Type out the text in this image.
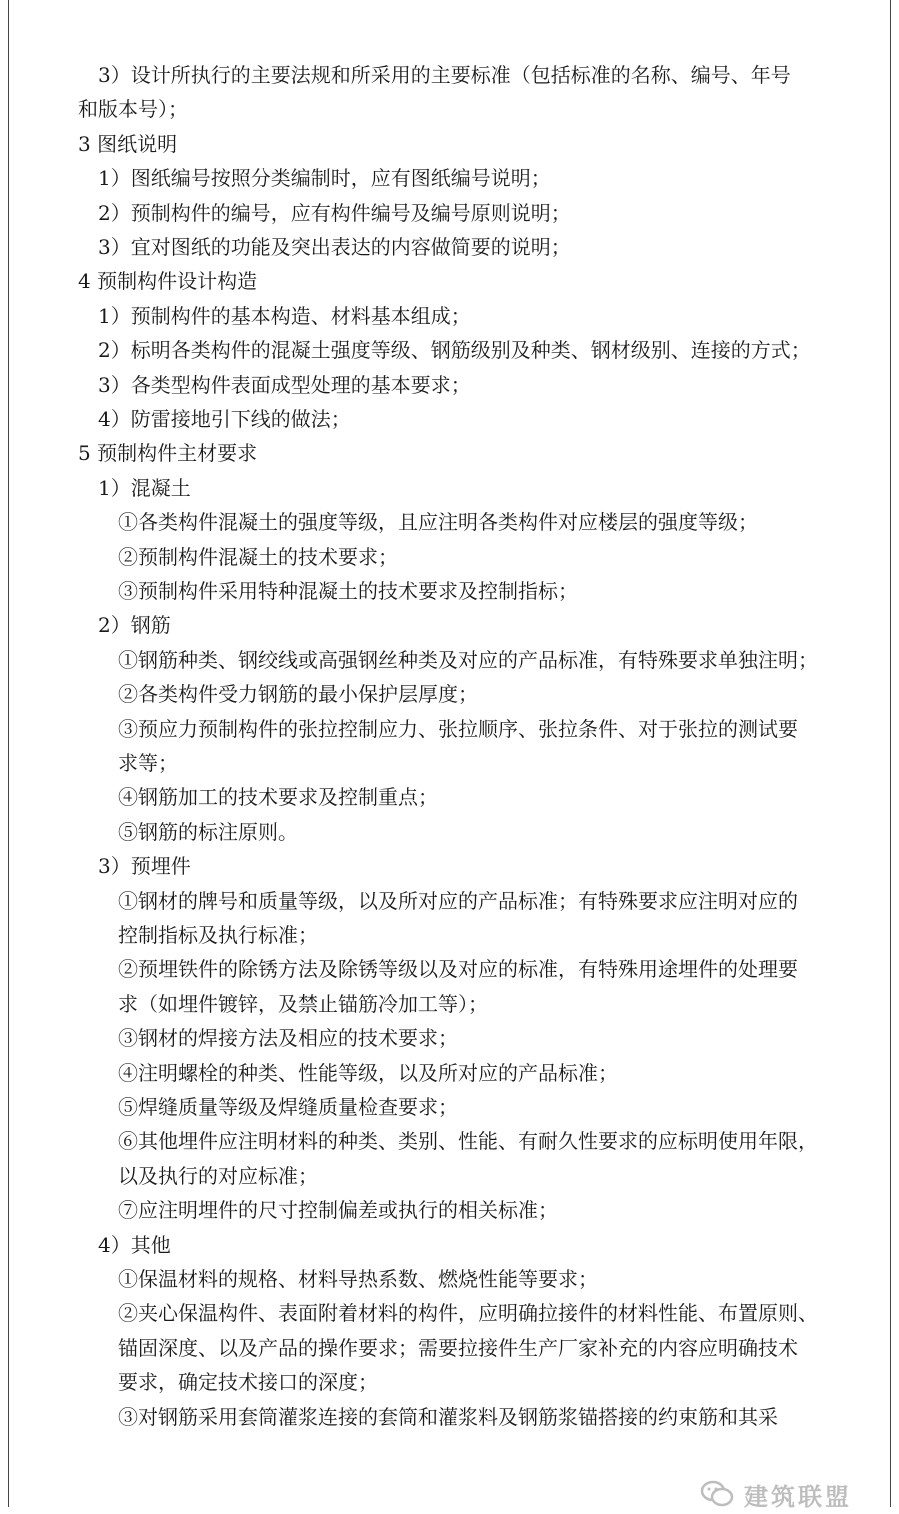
3）设计所执行的主要法规和所采用的主要标准（包括标准的名称、编号、年号
和版本号）；
3 图纸说明
1）图纸编号按照分类编制时，应有图纸编号说明；
2）预制构件的编号，应有构件编号及编号原则说明；
3）宜对图纸的功能及突出表达的内容做简要的说明；
4 预制构件设计构造
1）预制构件的基本构造、材料基本组成；
2）标明各类构件的混凝土强度等级、钢筋级别及种类、钢材级别、连接的方式；
3）各类型构件表面成型处理的基本要求；
4）防雷接地引下线的做法；
5 预制构件主材要求
1）混凝土
①各类构件混凝土的强度等级，且应注明各类构件对应楼层的强度等级；
②预制构件混凝土的技术要求；
③预制构件采用特种混凝土的技术要求及控制指标；
2）钢筋
①钢筋种类、钢绞线或高强钢丝种类及对应的产品标准，有特殊要求单独注明；
②各类构件受力钢筋的最小保护层厚度；
③预应力预制构件的张拉控制应力、张拉顺序、张拉条件、对于张拉的测试要
求等；
④钢筋加工的技术要求及控制重点；
⑤钢筋的标注原则。
3）预埋件
①钢材的牌号和质量等级，以及所对应的产品标准；有特殊要求应注明对应的
控制指标及执行标准；
②预埋铁件的除锈方法及除锈等级以及对应的标准，有特殊用途埋件的处理要
求（如埋件镀锌，及禁止锚筋冷加工等）；
③钢材的焊接方法及相应的技术要求；
④注明螺栓的种类、性能等级，以及所对应的产品标准；
⑤焊缝质量等级及焊缝质量检查要求；
⑥其他埋件应注明材料的种类、类别、性能、有耐久性要求的应标明使用年限，
以及执行的对应标准；
⑦应注明埋件的尺寸控制偏差或执行的相关标准；
4）其他
①保温材料的规格、材料导热系数、燃烧性能等要求；
②夹心保温构件、表面附着材料的构件，应明确拉接件的材料性能、布置原则、
锚固深度、以及产品的操作要求；需要拉接件生产厂家补充的内容应明确技术
要求，确定技术接口的深度；
③对钢筋采用套筒灌浆连接的套筒和灌浆料及钢筋浆锚搭接的约束筋和其采
建筑联盟
